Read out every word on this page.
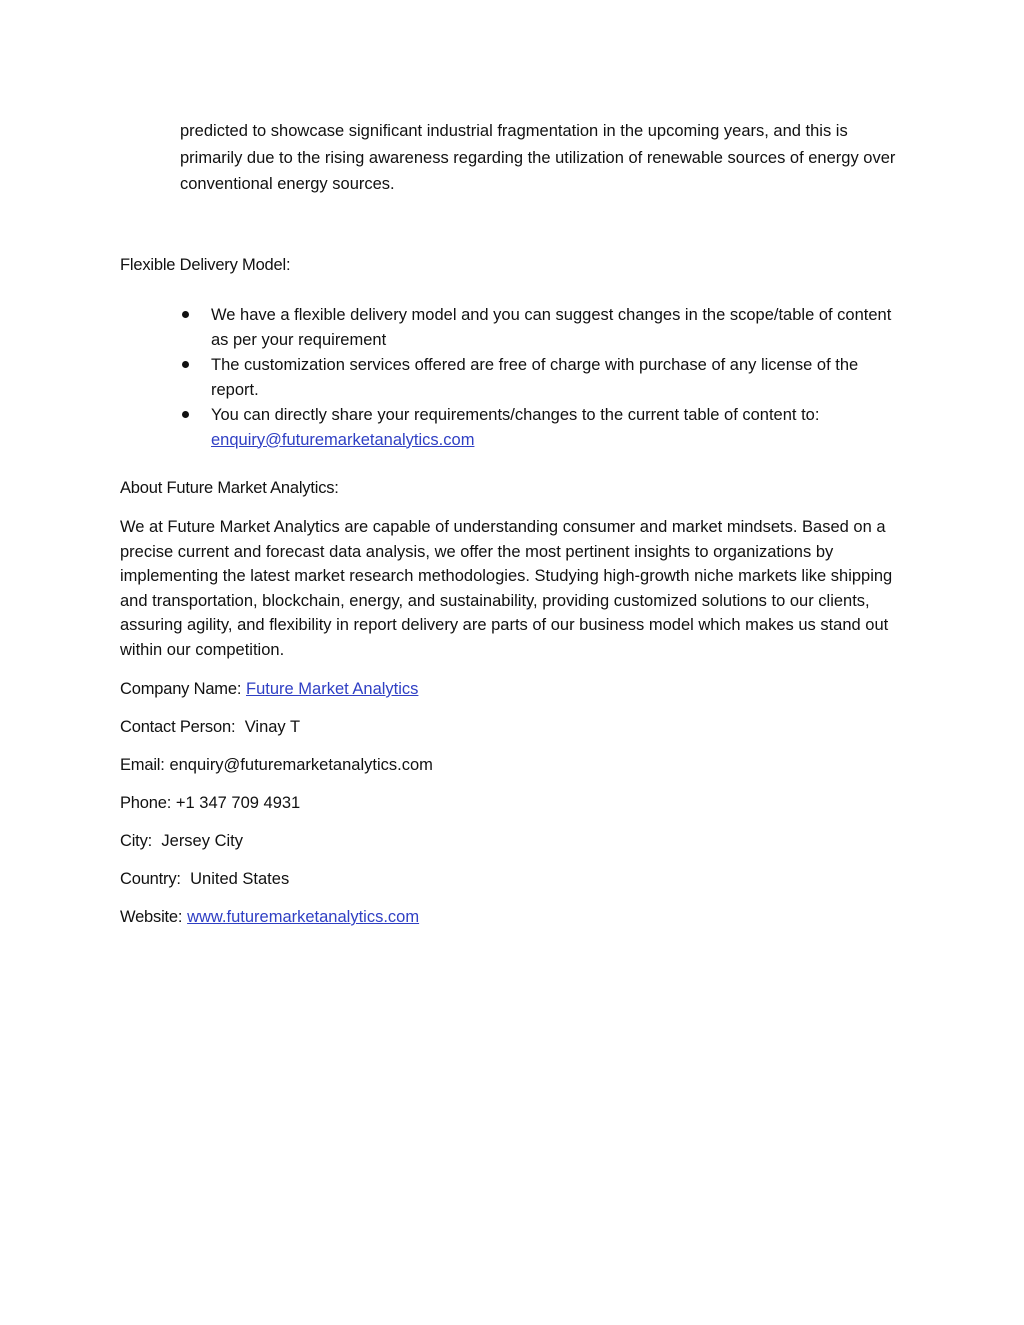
predicted to showcase significant industrial fragmentation in the upcoming years, and this is primarily due to the rising awareness regarding the utilization of renewable sources of energy over conventional energy sources.

Flexible Delivery Model:

We have a flexible delivery model and you can suggest changes in the scope/table of content as per your requirement
The customization services offered are free of charge with purchase of any license of the report.
You can directly share your requirements/changes to the current table of content to: enquiry@futuremarketanalytics.com

About Future Market Analytics:

We at Future Market Analytics are capable of understanding consumer and market mindsets. Based on a precise current and forecast data analysis, we offer the most pertinent insights to organizations by implementing the latest market research methodologies. Studying high-growth niche markets like shipping and transportation, blockchain, energy, and sustainability, providing customized solutions to our clients, assuring agility, and flexibility in report delivery are parts of our business model which makes us stand out within our competition.

Company Name: Future Market Analytics

Contact Person:  Vinay T

Email: enquiry@futuremarketanalytics.com

Phone: +1 347 709 4931

City:  Jersey City

Country:  United States

Website: www.futuremarketanalytics.com
